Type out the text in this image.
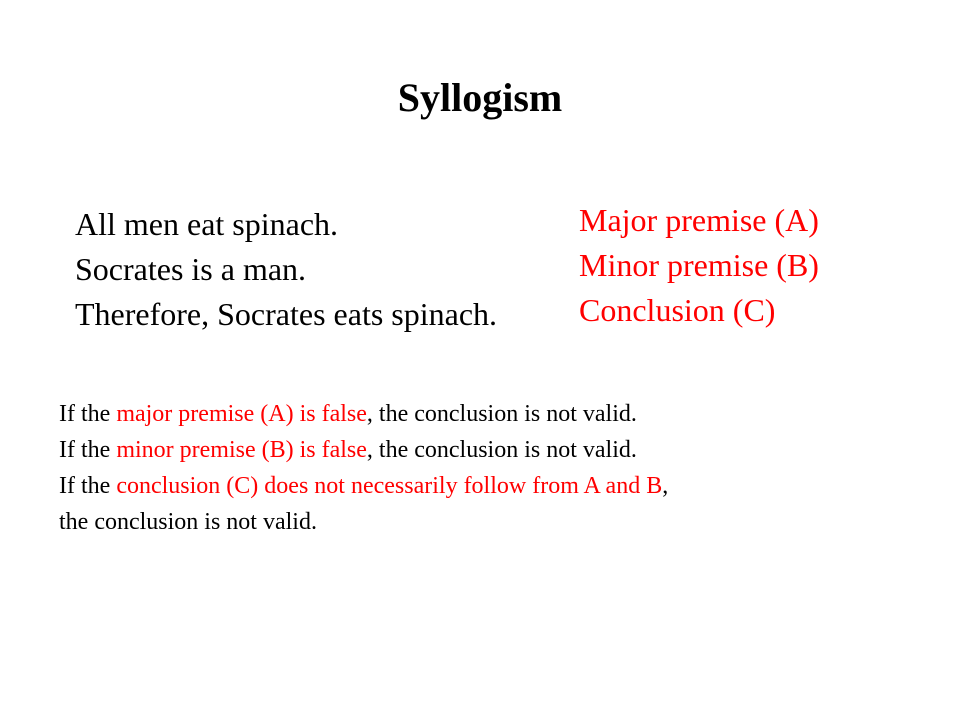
Syllogism
All men eat spinach.
Socrates is a man.
Therefore, Socrates eats spinach.
Major premise (A)
Minor premise (B)
Conclusion (C)
If the major premise (A) is false, the conclusion is not valid.
If the minor premise (B) is false, the conclusion is not valid.
If the conclusion (C) does not necessarily follow from A and B,
the conclusion is not valid.
